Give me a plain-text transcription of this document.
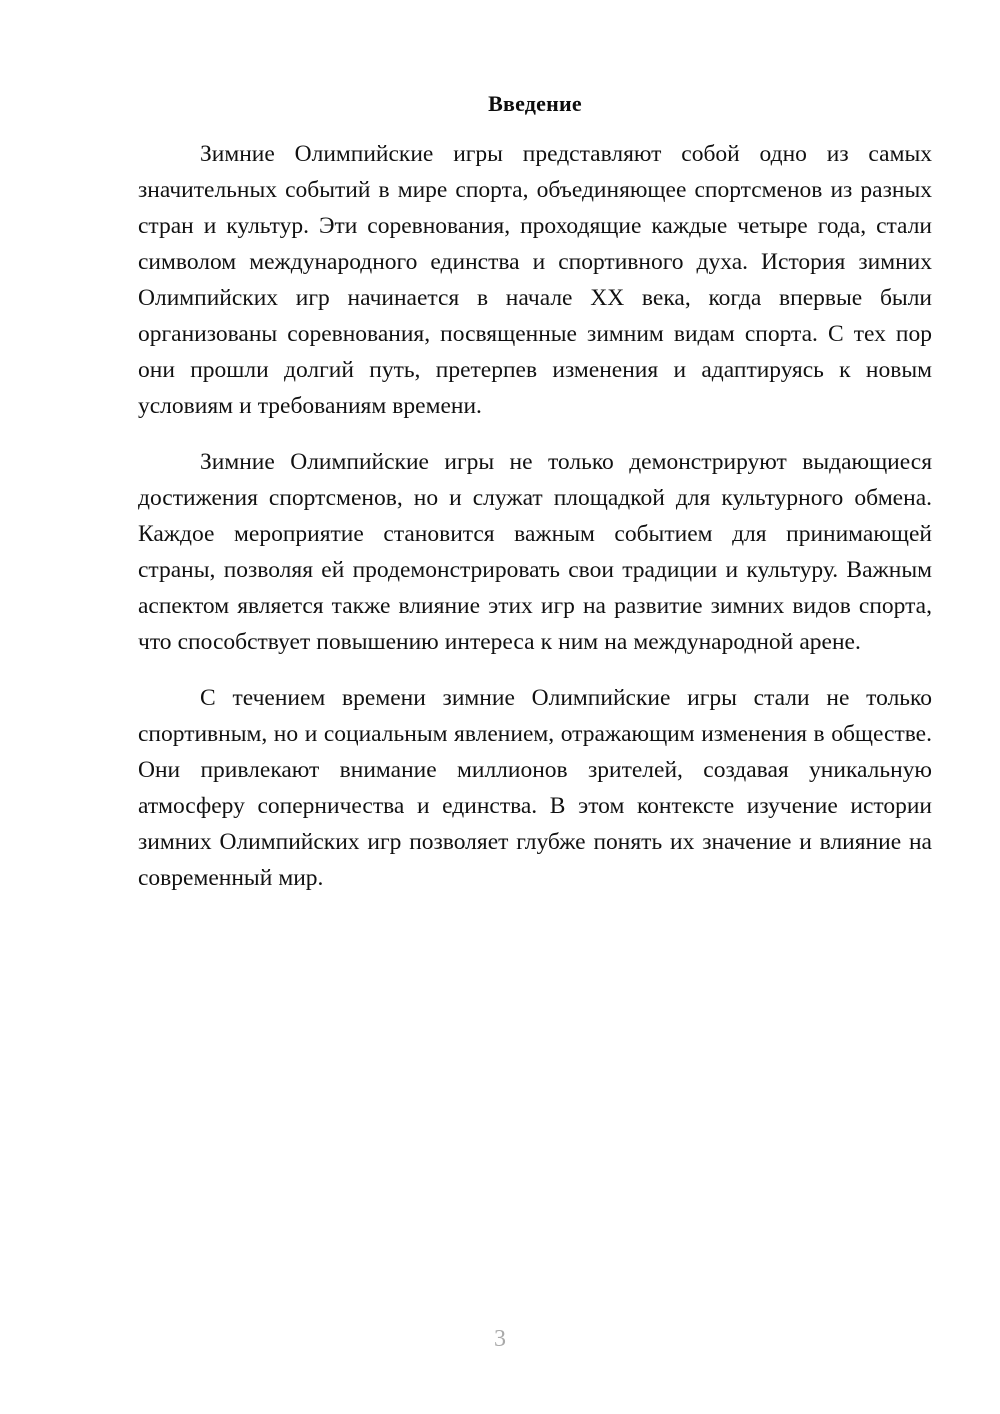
Введение

Зимние Олимпийские игры представляют собой одно из самых значительных событий в мире спорта, объединяющее спортсменов из разных стран и культур. Эти соревнования, проходящие каждые четыре года, стали символом международного единства и спортивного духа. История зимних Олимпийских игр начинается в начале XX века, когда впервые были организованы соревнования, посвященные зимним видам спорта. С тех пор они прошли долгий путь, претерпев изменения и адаптируясь к новым условиям и требованиям времени.

Зимние Олимпийские игры не только демонстрируют выдающиеся достижения спортсменов, но и служат площадкой для культурного обмена. Каждое мероприятие становится важным событием для принимающей страны, позволяя ей продемонстрировать свои традиции и культуру. Важным аспектом является также влияние этих игр на развитие зимних видов спорта, что способствует повышению интереса к ним на международной арене.

С течением времени зимние Олимпийские игры стали не только спортивным, но и социальным явлением, отражающим изменения в обществе. Они привлекают внимание миллионов зрителей, создавая уникальную атмосферу соперничества и единства. В этом контексте изучение истории зимних Олимпийских игр позволяет глубже понять их значение и влияние на современный мир.

3
